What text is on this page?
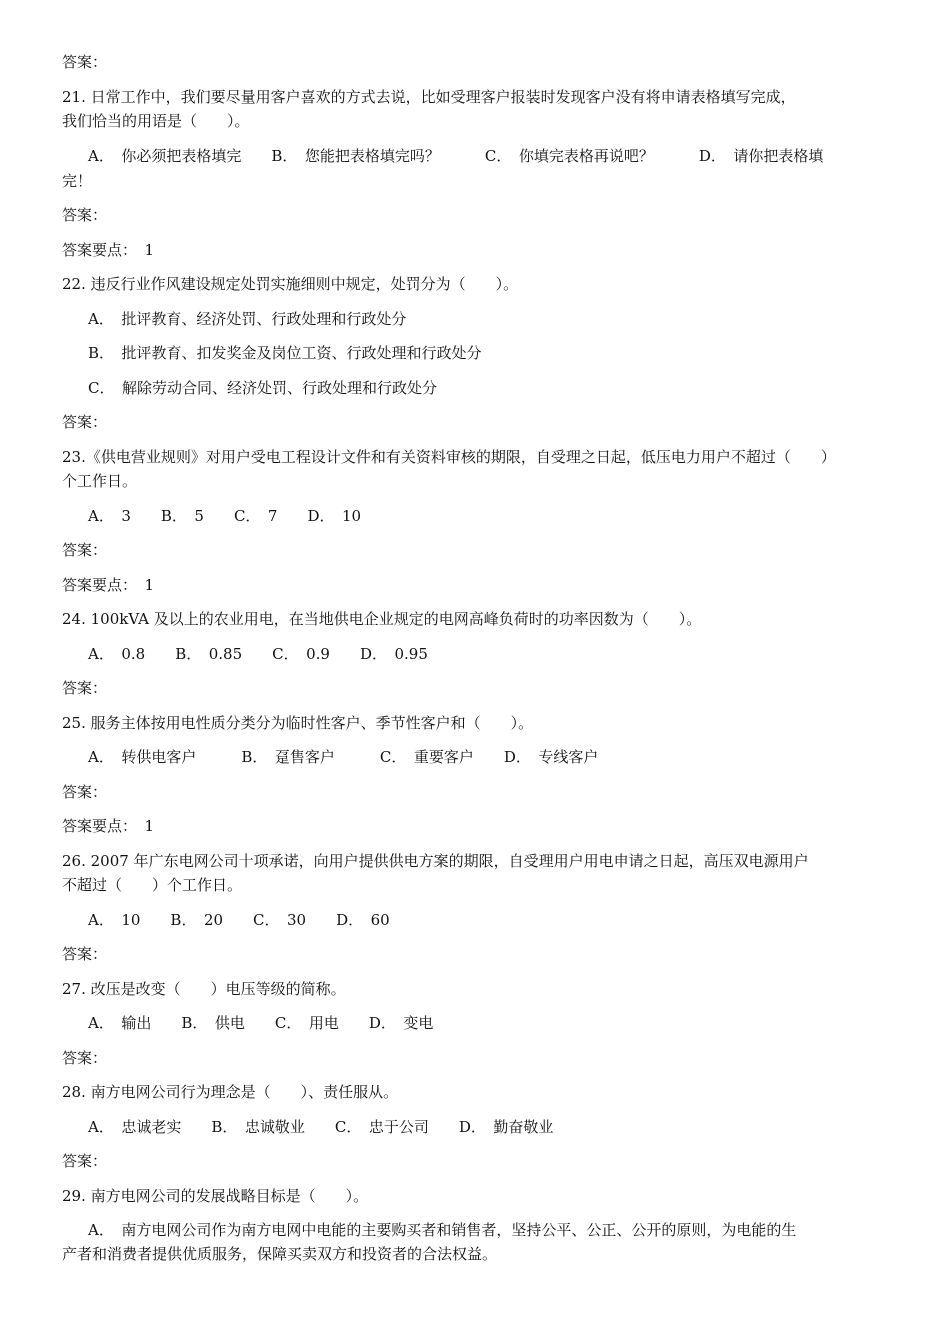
答案：
21. 日常工作中，我们要尽量用客户喜欢的方式去说，比如受理客户报装时发现客户没有将申请表格填写完成，
我们恰当的用语是（　　）。
A．　你必须把表格填完　　B．　您能把表格填完吗？　　　C．　你填完表格再说吧？　　　D．　请你把表格填
完！
答案：
答案要点：　1
22. 违反行业作风建设规定处罚实施细则中规定，处罚分为（　　）。
A．　批评教育、经济处罚、行政处理和行政处分
B．　批评教育、扣发奖金及岗位工资、行政处理和行政处分
C．　解除劳动合同、经济处罚、行政处理和行政处分
答案：
23.《供电营业规则》对用户受电工程设计文件和有关资料审核的期限，自受理之日起，低压电力用户不超过（　　）
个工作日。
A．　3　　B．　5　　C．　7　　D．　10
答案：
答案要点：　1
24. 100kVA 及以上的农业用电，在当地供电企业规定的电网高峰负荷时的功率因数为（　　）。
A．　0.8　　B．　0.85　　C．　0.9　　D．　0.95
答案：
25. 服务主体按用电性质分类分为临时性客户、季节性客户和（　　）。
A．　转供电客户　　　B．　趸售客户　　　C．　重要客户　　D．　专线客户
答案：
答案要点：　1
26. 2007 年广东电网公司十项承诺，向用户提供供电方案的期限，自受理用户用电申请之日起，高压双电源用户
不超过（　　）个工作日。
A．　10　　B．　20　　C．　30　　D．　60
答案：
27. 改压是改变（　　）电压等级的简称。
A．　输出　　B．　供电　　C．　用电　　D．　变电
答案：
28. 南方电网公司行为理念是（　　）、责任服从。
A．　忠诚老实　　B．　忠诚敬业　　C．　忠于公司　　D．　勤奋敬业
答案：
29. 南方电网公司的发展战略目标是（　　）。
A．　南方电网公司作为南方电网中电能的主要购买者和销售者，坚持公平、公正、公开的原则，为电能的生
产者和消费者提供优质服务，保障买卖双方和投资者的合法权益。
